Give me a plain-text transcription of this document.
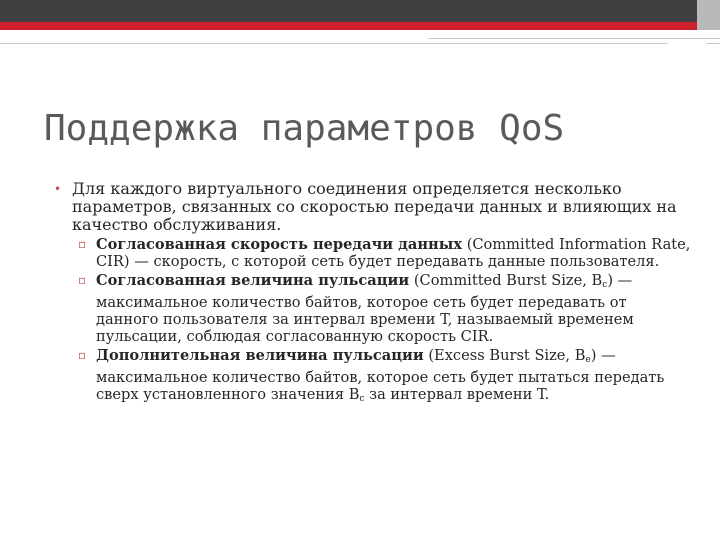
Поддержка параметров QoS
• Для каждого виртуального соединения определяется несколько параметров, связанных со скоростью передачи данных и влияющих на качество обслуживания.
▫ Согласованная скорость передачи данных (Committed Information Rate, CIR) — скорость, с которой сеть будет передавать данные пользователя.
▫ Согласованная величина пульсации (Committed Burst Size, $B_c$) — максимальное количество байтов, которое сеть будет передавать от данного пользователя за интервал времени T, называемый временем пульсации, соблюдая согласованную скорость CIR.
▫ Дополнительная величина пульсации (Excess Burst Size, $B_e$) — максимальное количество байтов, которое сеть будет пытаться передать сверх установленного значения $B_c$ за интервал времени T.
